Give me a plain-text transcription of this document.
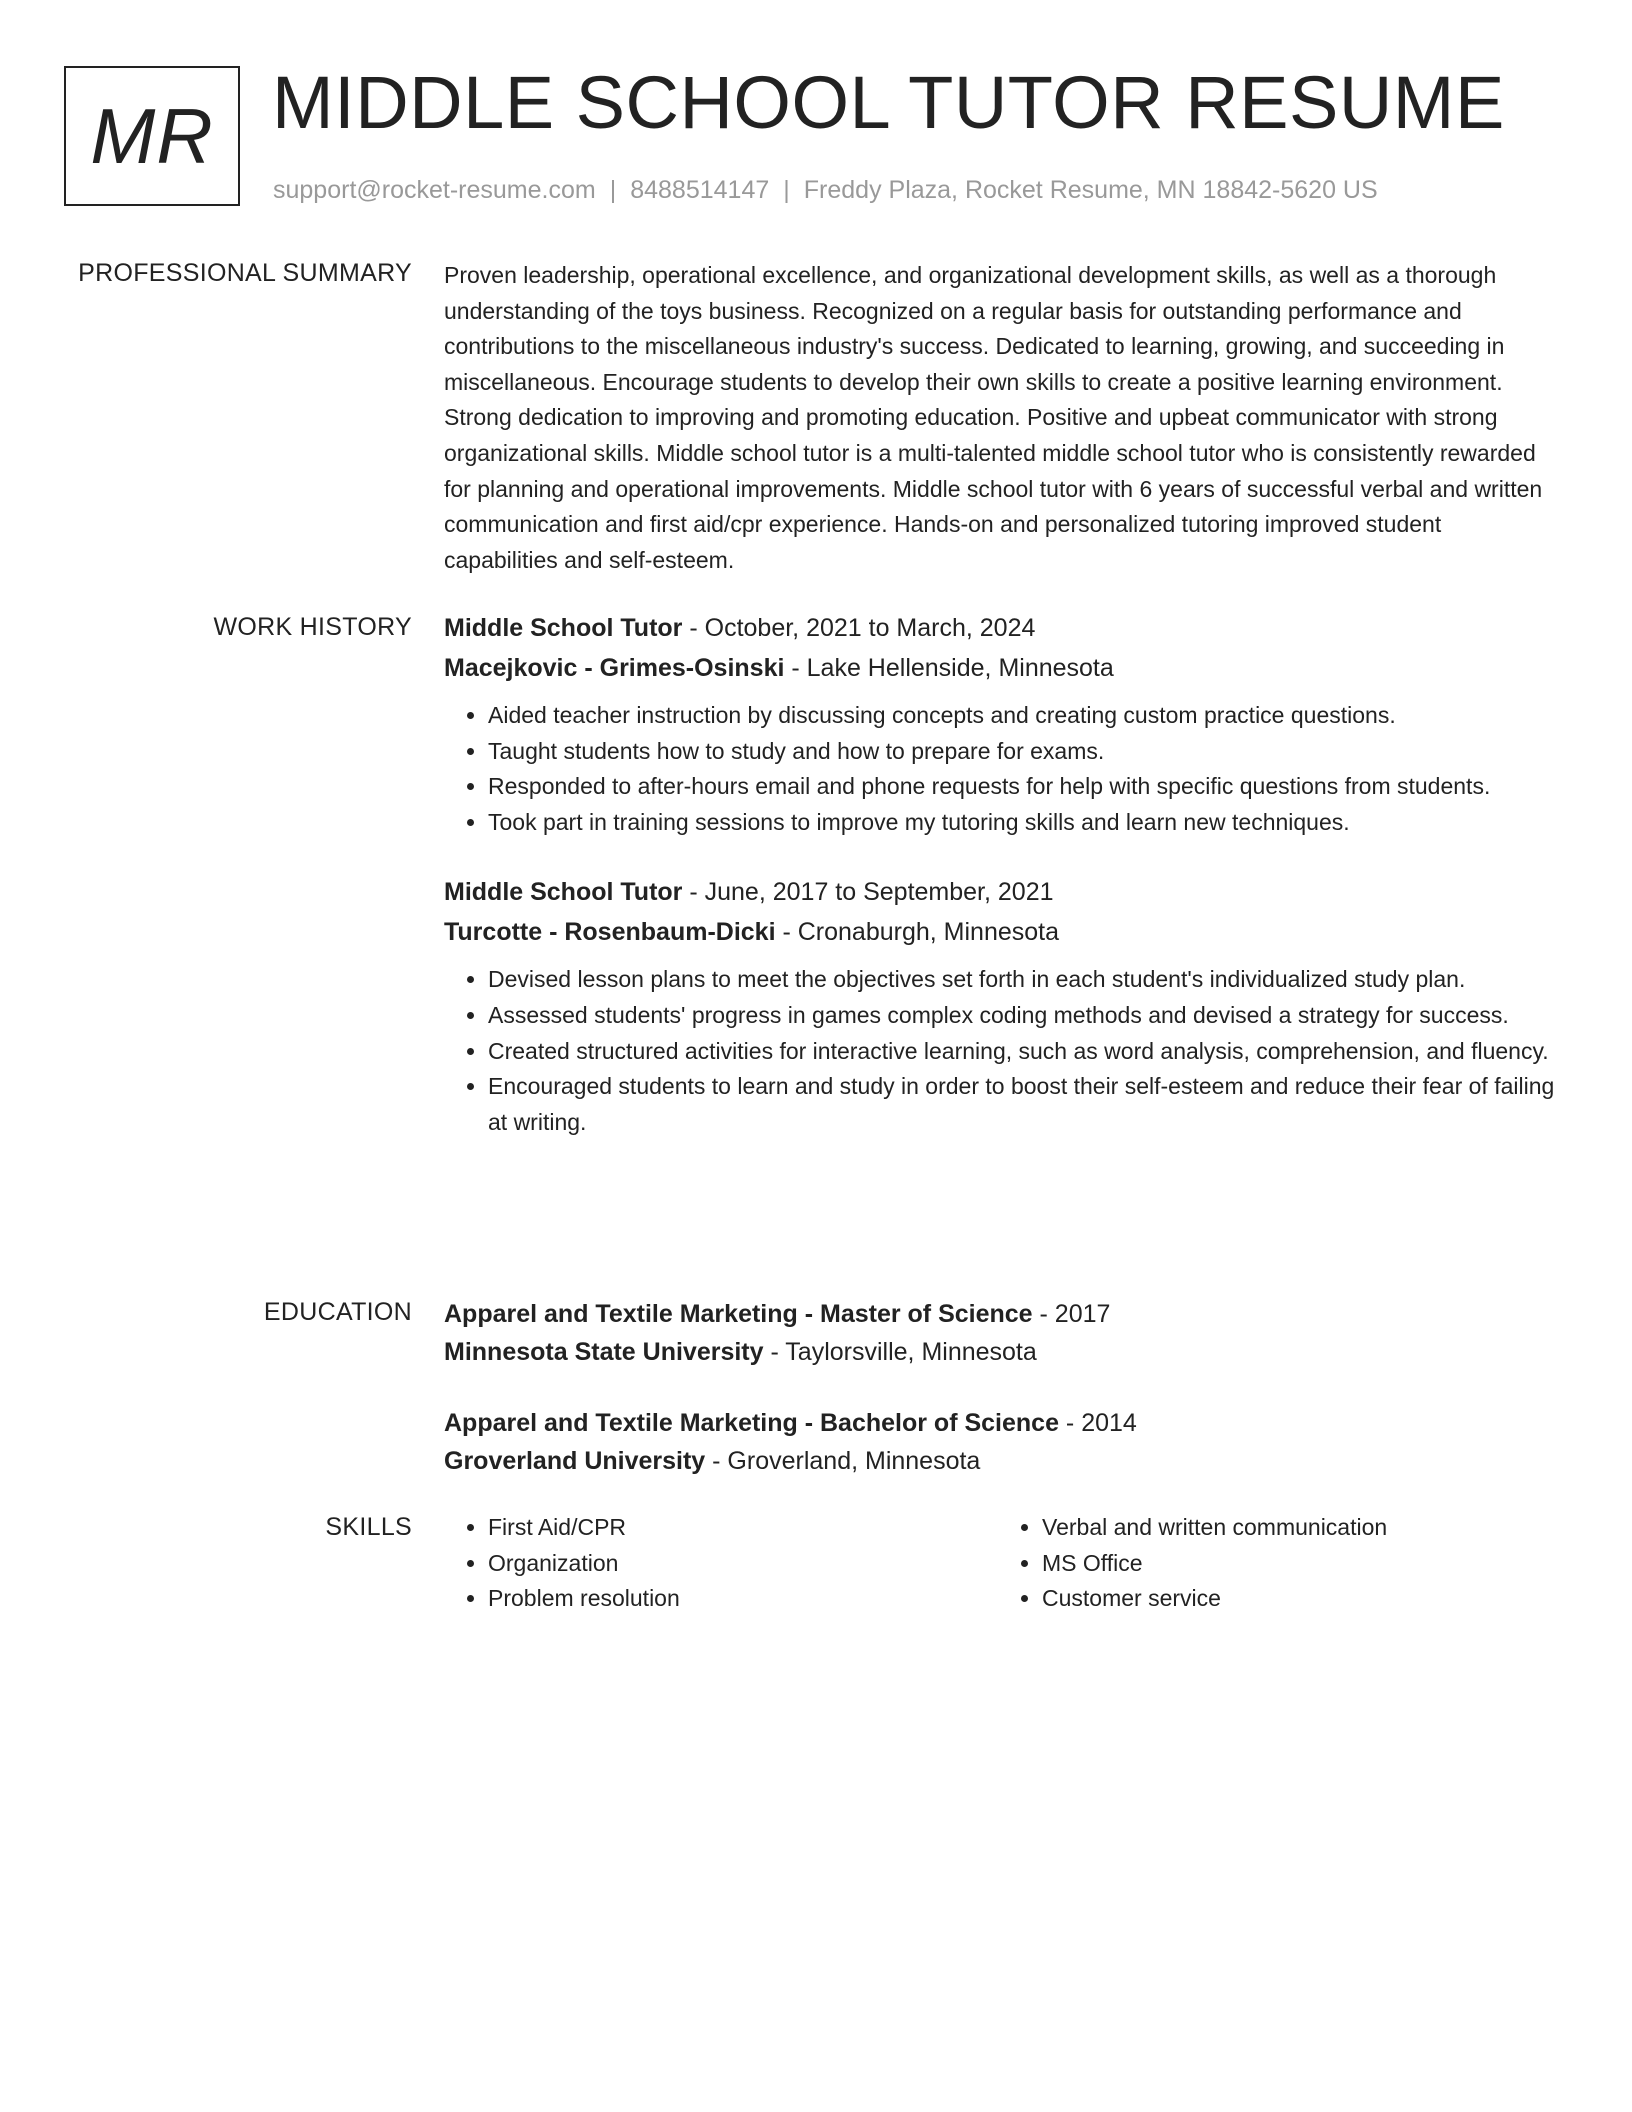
MR MIDDLE SCHOOL TUTOR RESUME
support@rocket-resume.com | 8488514147 | Freddy Plaza, Rocket Resume, MN 18842-5620 US
PROFESSIONAL SUMMARY Proven leadership, operational excellence, and organizational development skills, as well as a thorough understanding of the toys business. Recognized on a regular basis for outstanding performance and contributions to the miscellaneous industry's success. Dedicated to learning, growing, and succeeding in miscellaneous. Encourage students to develop their own skills to create a positive learning environment. Strong dedication to improving and promoting education. Positive and upbeat communicator with strong organizational skills. Middle school tutor is a multi-talented middle school tutor who is consistently rewarded for planning and operational improvements. Middle school tutor with 6 years of successful verbal and written communication and first aid/cpr experience. Hands-on and personalized tutoring improved student capabilities and self-esteem.

WORK HISTORY Middle School Tutor - October, 2021 to March, 2024
Macejkovic - Grimes-Osinski - Lake Hellenside, Minnesota
• Aided teacher instruction by discussing concepts and creating custom practice questions.
• Taught students how to study and how to prepare for exams.
• Responded to after-hours email and phone requests for help with specific questions from students.
• Took part in training sessions to improve my tutoring skills and learn new techniques.
Middle School Tutor - June, 2017 to September, 2021
Turcotte - Rosenbaum-Dicki - Cronaburgh, Minnesota
• Devised lesson plans to meet the objectives set forth in each student's individualized study plan.
• Assessed students' progress in games complex coding methods and devised a strategy for success.
• Created structured activities for interactive learning, such as word analysis, comprehension, and fluency.
• Encouraged students to learn and study in order to boost their self-esteem and reduce their fear of failing at writing.
EDUCATION Apparel and Textile Marketing - Master of Science - 2017
Minnesota State University - Taylorsville, Minnesota
Apparel and Textile Marketing - Bachelor of Science - 2014
Groverland University - Groverland, Minnesota
SKILLS
•	First Aid/CPR
• Organization
• Problem resolution
• Verbal and written communication
• MS Office
• Customer service
